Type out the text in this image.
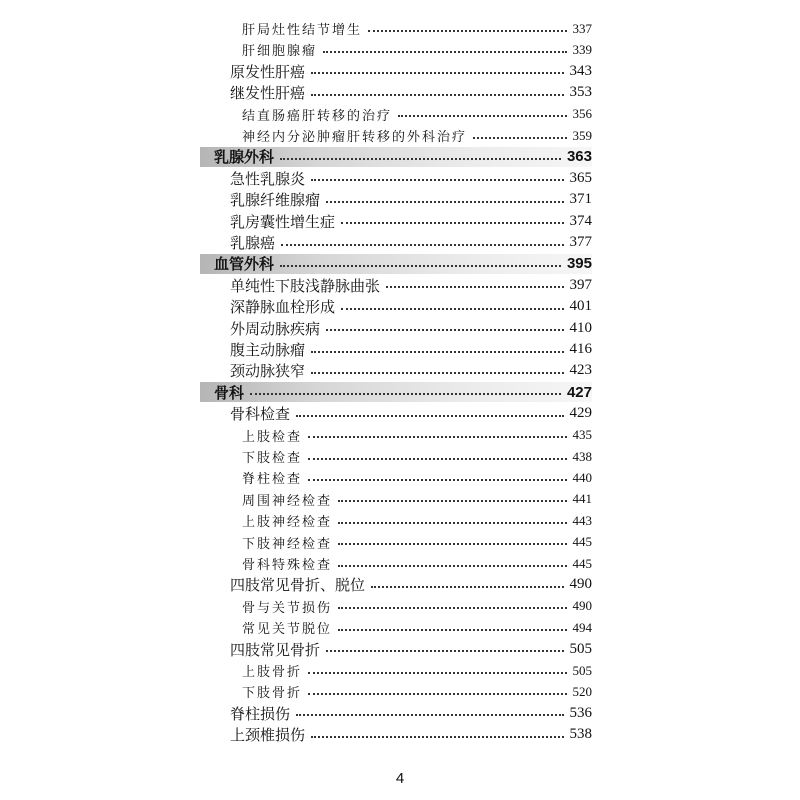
肝局灶性结节增生	337
肝细胞腺瘤	339
原发性肝癌	343
继发性肝癌	353
结直肠癌肝转移的治疗	356
神经内分泌肿瘤肝转移的外科治疗	359
乳腺外科	363
急性乳腺炎	365
乳腺纤维腺瘤	371
乳房囊性增生症	374
乳腺癌	377
血管外科	395
单纯性下肢浅静脉曲张	397
深静脉血栓形成	401
外周动脉疾病	410
腹主动脉瘤	416
颈动脉狭窄	423
骨科	427
骨科检查	429
上肢检查	435
下肢检查	438
脊柱检查	440
周围神经检查	441
上肢神经检查	443
下肢神经检查	445
骨科特殊检查	445
四肢常见骨折、脱位	490
骨与关节损伤	490
常见关节脱位	494
四肢常见骨折	505
上肢骨折	505
下肢骨折	520
脊柱损伤	536
上颈椎损伤	538
4
